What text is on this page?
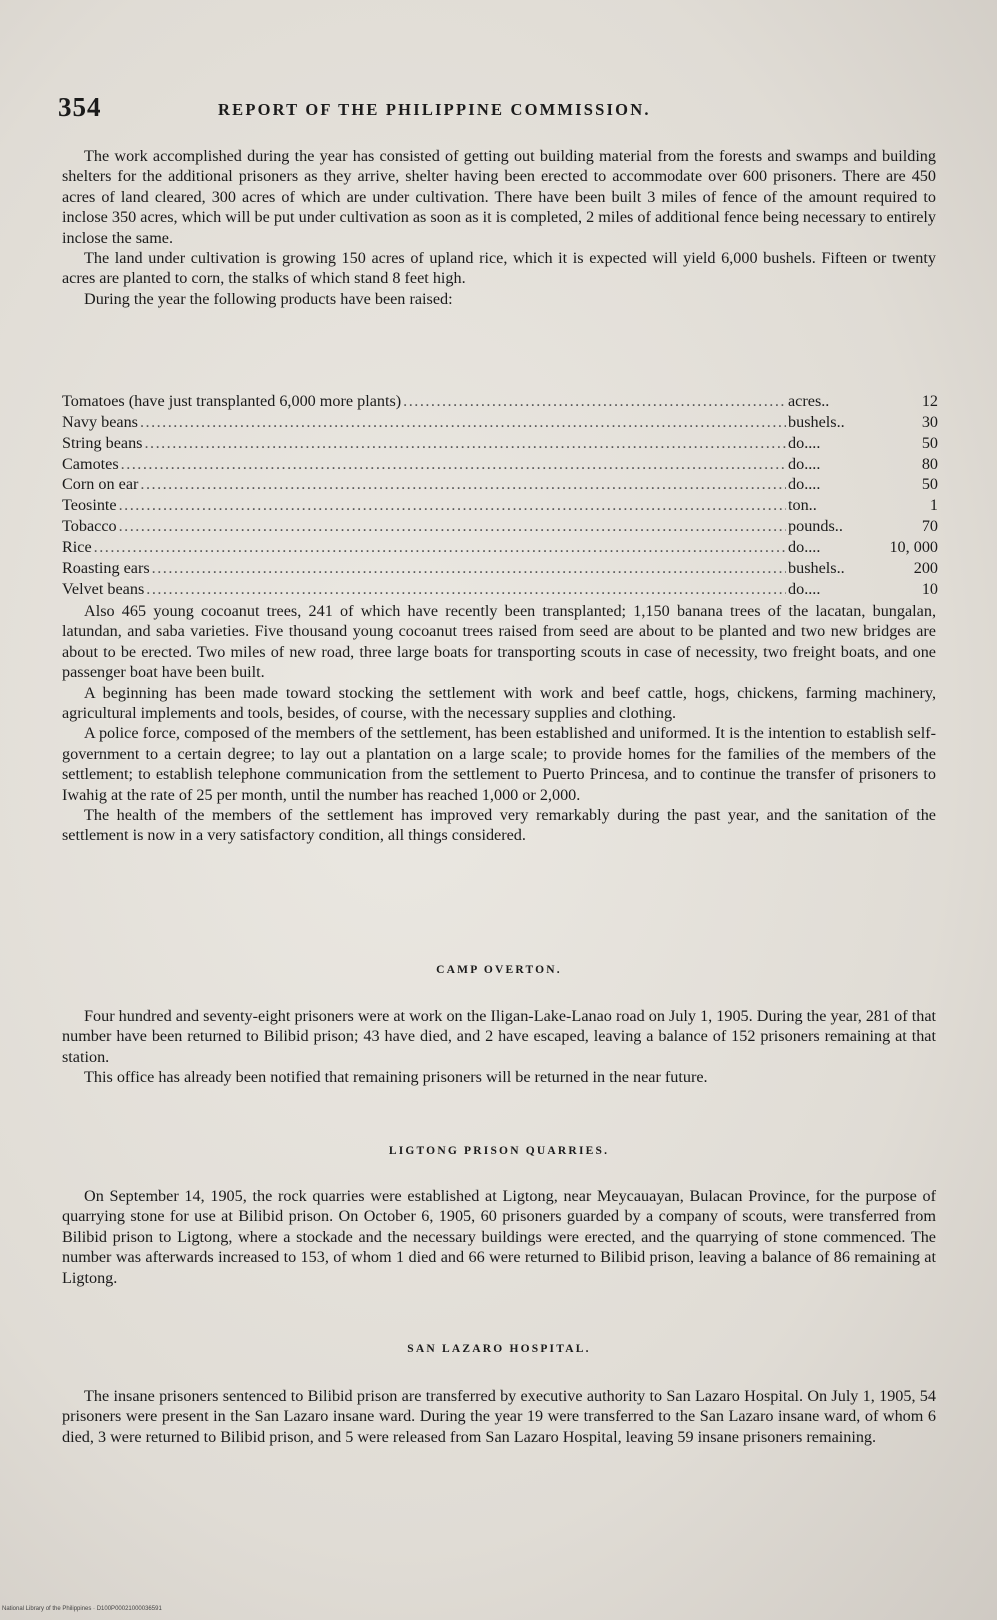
354	REPORT OF THE PHILIPPINE COMMISSION.

The work accomplished during the year has consisted of getting out building material from the forests and swamps and building shelters for the additional prisoners as they arrive, shelter having been erected to accommodate over 600 prisoners. There are 450 acres of land cleared, 300 acres of which are under cultivation. There have been built 3 miles of fence of the amount required to inclose 350 acres, which will be put under cultivation as soon as it is completed, 2 miles of additional fence being necessary to entirely inclose the same.

The land under cultivation is growing 150 acres of upland rice, which it is expected will yield 6,000 bushels. Fifteen or twenty acres are planted to corn, the stalks of which stand 8 feet high.

During the year the following products have been raised:

Tomatoes (have just transplanted 6,000 more plants) .....	acres..	12
Navy beans .....	bushels..	30
String beans .....	do....	50
Camotes .....	do....	80
Corn on ear .....	do....	50
Teosinte .....	ton..	1
Tobacco .....	pounds..	70
Rice .....	do....	10, 000
Roasting ears .....	bushels..	200
Velvet beans .....	do....	10

Also 465 young cocoanut trees, 241 of which have recently been transplanted; 1,150 banana trees of the lacatan, bungalan, latundan, and saba varieties. Five thousand young cocoanut trees raised from seed are about to be planted and two new bridges are about to be erected. Two miles of new road, three large boats for transporting scouts in case of necessity, two freight boats, and one passenger boat have been built.

A beginning has been made toward stocking the settlement with work and beef cattle, hogs, chickens, farming machinery, agricultural implements and tools, besides, of course, with the necessary supplies and clothing.

A police force, composed of the members of the settlement, has been established and uniformed. It is the intention to establish self-government to a certain degree; to lay out a plantation on a large scale; to provide homes for the families of the members of the settlement; to establish telephone communication from the settlement to Puerto Princesa, and to continue the transfer of prisoners to Iwahig at the rate of 25 per month, until the number has reached 1,000 or 2,000.

The health of the members of the settlement has improved very remarkably during the past year, and the sanitation of the settlement is now in a very satisfactory condition, all things considered.

CAMP OVERTON.

Four hundred and seventy-eight prisoners were at work on the Iligan-Lake-Lanao road on July 1, 1905. During the year, 281 of that number have been returned to Bilibid prison; 43 have died, and 2 have escaped, leaving a balance of 152 prisoners remaining at that station.

This office has already been notified that remaining prisoners will be returned in the near future.

LIGTONG PRISON QUARRIES.

On September 14, 1905, the rock quarries were established at Ligtong, near Meycauayan, Bulacan Province, for the purpose of quarrying stone for use at Bilibid prison. On October 6, 1905, 60 prisoners guarded by a company of scouts, were transferred from Bilibid prison to Ligtong, where a stockade and the necessary buildings were erected, and the quarrying of stone commenced. The number was afterwards increased to 153, of whom 1 died and 66 were returned to Bilibid prison, leaving a balance of 86 remaining at Ligtong.

SAN LAZARO HOSPITAL.

The insane prisoners sentenced to Bilibid prison are transferred by executive authority to San Lazaro Hospital. On July 1, 1905, 54 prisoners were present in the San Lazaro insane ward. During the year 19 were transferred to the San Lazaro insane ward, of whom 6 died, 3 were returned to Bilibid prison, and 5 were released from San Lazaro Hospital, leaving 59 insane prisoners remaining.

National Library of the Philippines · D100P00021000036591
